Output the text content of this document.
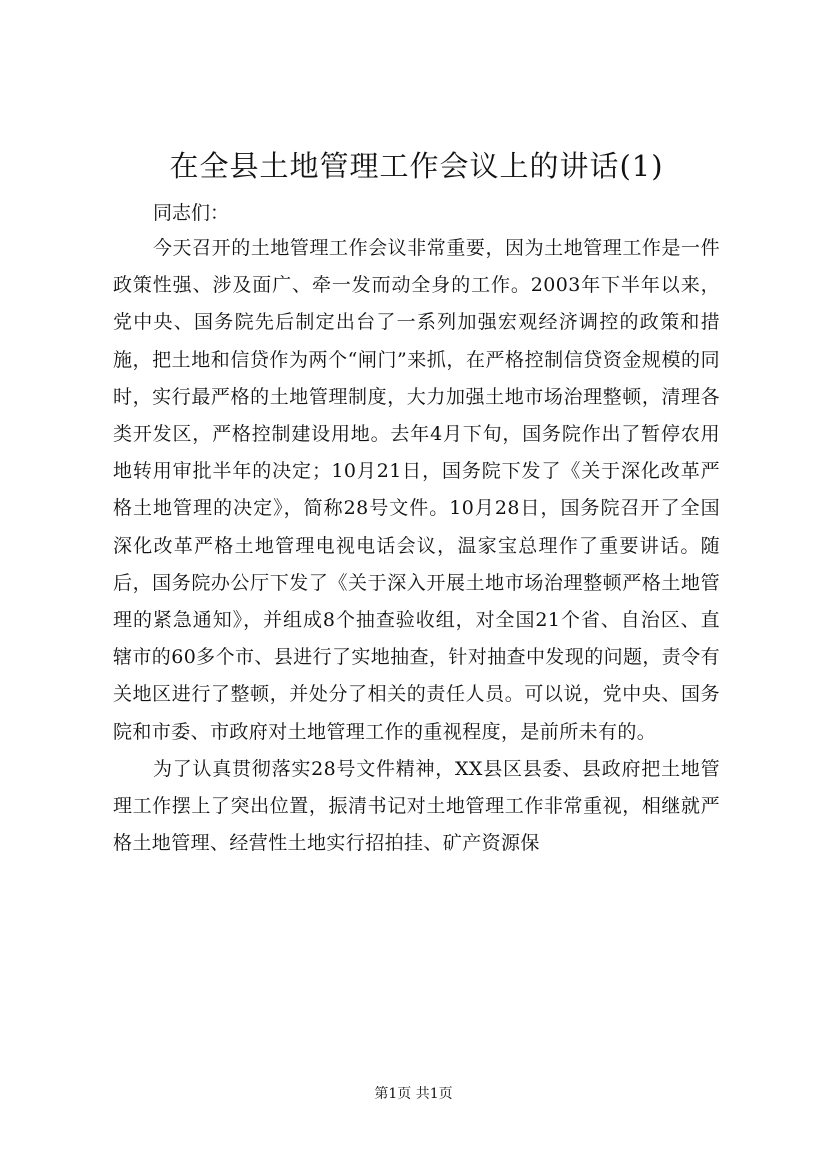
在全县土地管理工作会议上的讲话(1)

同志们：

今天召开的土地管理工作会议非常重要，因为土地管理工作是一件政策性强、涉及面广、牵一发而动全身的工作。2003年下半年以来，党中央、国务院先后制定出台了一系列加强宏观经济调控的政策和措施，把土地和信贷作为两个“闸门”来抓，在严格控制信贷资金规模的同时，实行最严格的土地管理制度，大力加强土地市场治理整顿，清理各类开发区，严格控制建设用地。去年4月下旬，国务院作出了暂停农用地转用审批半年的决定；10月21日，国务院下发了《关于深化改革严格土地管理的决定》，简称28号文件。10月28日，国务院召开了全国深化改革严格土地管理电视电话会议，温家宝总理作了重要讲话。随后，国务院办公厅下发了《关于深入开展土地市场治理整顿严格土地管理的紧急通知》，并组成8个抽查验收组，对全国21个省、自治区、直辖市的60多个市、县进行了实地抽查，针对抽查中发现的问题，责令有关地区进行了整顿，并处分了相关的责任人员。可以说，党中央、国务院和市委、市政府对土地管理工作的重视程度，是前所未有的。

为了认真贯彻落实28号文件精神，XX县区县委、县政府把土地管理工作摆上了突出位置，振清书记对土地管理工作非常重视，相继就严格土地管理、经营性土地实行招拍挂、矿产资源保

第1页 共1页
